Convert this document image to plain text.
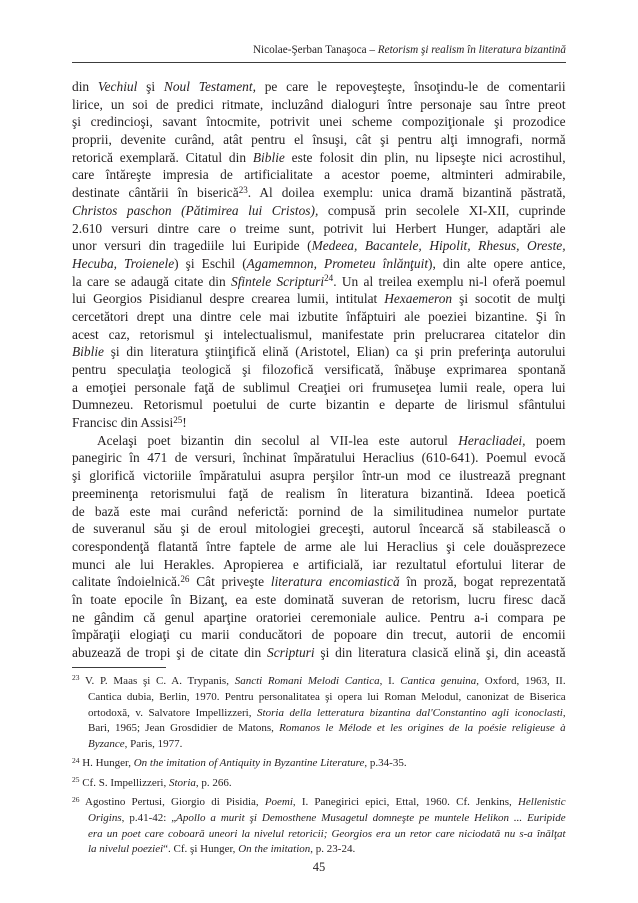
Nicolae-Şerban Tanaşoca – Retorism şi realism în literatura bizantină
din Vechiul şi Noul Testament, pe care le repoveşteşte, însoţindu-le de comentarii
lirice, un soi de predici ritmate, incluzând dialoguri între personaje sau între preot
şi credincioşi, savant întocmite, potrivit unei scheme compoziţionale şi prozodice
proprii, devenite curând, atât pentru el însuşi, cât şi pentru alţi imnografi, normă
retorică exemplară. Citatul din Biblie este folosit din plin, nu lipseşte nici acrostihul,
care întăreşte impresia de artificialitate a acestor poeme, altminteri admirabile,
destinate cântării în biserică$^{23}$. Al doilea exemplu: unica dramă bizantină păstrată,
Christos paschon (Pătimirea lui Cristos), compusă prin secolele XI-XII, cuprinde
2.610 versuri dintre care o treime sunt, potrivit lui Herbert Hunger, adaptări ale
unor versuri din tragediile lui Euripide (Medeea, Bacantele, Hipolit, Rhesus, Oreste,
Hecuba, Troienele) şi Eschil (Agamemnon, Prometeu înlănţuit), din alte opere antice,
la care se adaugă citate din Sfintele Scripturi$^{24}$. Un al treilea exemplu ni-l oferă poemul
lui Georgios Pisidianul despre crearea lumii, intitulat Hexaemeron şi socotit de mulţi
cercetători drept una dintre cele mai izbutite înfăptuiri ale poeziei bizantine. Şi în
acest caz, retorismul şi intelectualismul, manifestate prin prelucrarea citatelor din
Biblie şi din literatura ştiinţifică elină (Aristotel, Elian) ca şi prin preferinţa autorului
pentru speculaţia teologică şi filozofică versificată, înăbuşe exprimarea spontană
a emoţiei personale faţă de sublimul Creaţiei ori frumuseţea lumii reale, opera lui
Dumnezeu. Retorismul poetului de curte bizantin e departe de lirismul sfântului
Francisc din Assisi$^{25}$!
Acelaşi poet bizantin din secolul al VII-lea este autorul Heracliadei, poem
panegiric în 471 de versuri, închinat împăratului Heraclius (610-641). Poemul evocă
şi glorifică victoriile împăratului asupra perşilor într-un mod ce ilustrează pregnant
preeminenţa retorismului faţă de realism în literatura bizantină. Ideea poetică
de bază este mai curând neferictă: pornind de la similitudinea numelor purtate
de suveranul său şi de eroul mitologiei greceşti, autorul încearcă să stabilească o
corespondenţă flatantă între faptele de arme ale lui Heraclius şi cele douăsprezece
munci ale lui Herakles. Apropierea e artificială, iar rezultatul efortului literar de
calitate îndoielnică.$^{26}$ Cât priveşte literatura encomiastică în proză, bogat reprezentată
în toate epocile în Bizanţ, ea este dominată suveran de retorism, lucru firesc dacă
ne gândim că genul aparţine oratoriei ceremoniale aulice. Pentru a-i compara pe
împăraţii elogiaţi cu marii conducători de popoare din trecut, autorii de encomii
abuzează de tropi şi de citate din Scripturi şi din literatura clasică elină şi, din această
$^{23}$ V. P. Maas şi C. A. Trypanis, Sancti Romani Melodi Cantica, I. Cantica genuina, Oxford, 1963, II.
Cantica dubia, Berlin, 1970. Pentru personalitatea şi opera lui Roman Melodul, canonizat de Biserica
ortodoxă, v. Salvatore Impellizzeri, Storia della letteratura bizantina dal'Constantino agli iconoclasti,
Bari, 1965; Jean Grosdidier de Matons, Romanos le Mélode et les origines de la poésie religieuse à
Byzance, Paris, 1977.
$^{24}$ H. Hunger, On the imitation of Antiquity in Byzantine Literature, p.34-35.
$^{25}$ Cf. S. Impellizzeri, Storia, p. 266.
$^{26}$ Agostino Pertusi, Giorgio di Pisidia, Poemi, I. Panegirici epici, Ettal, 1960. Cf. Jenkins, Hellenistic
Origins, p.41-42: „Apollo a murit şi Demosthene Musagetul domneşte pe muntele Helikon ... Euripide
era un poet care coboară uneori la nivelul retoricii; Georgios era un retor care niciodată nu s-a înălţat
la nivelul poeziei“. Cf. şi Hunger, On the imitation, p. 23-24.
45
